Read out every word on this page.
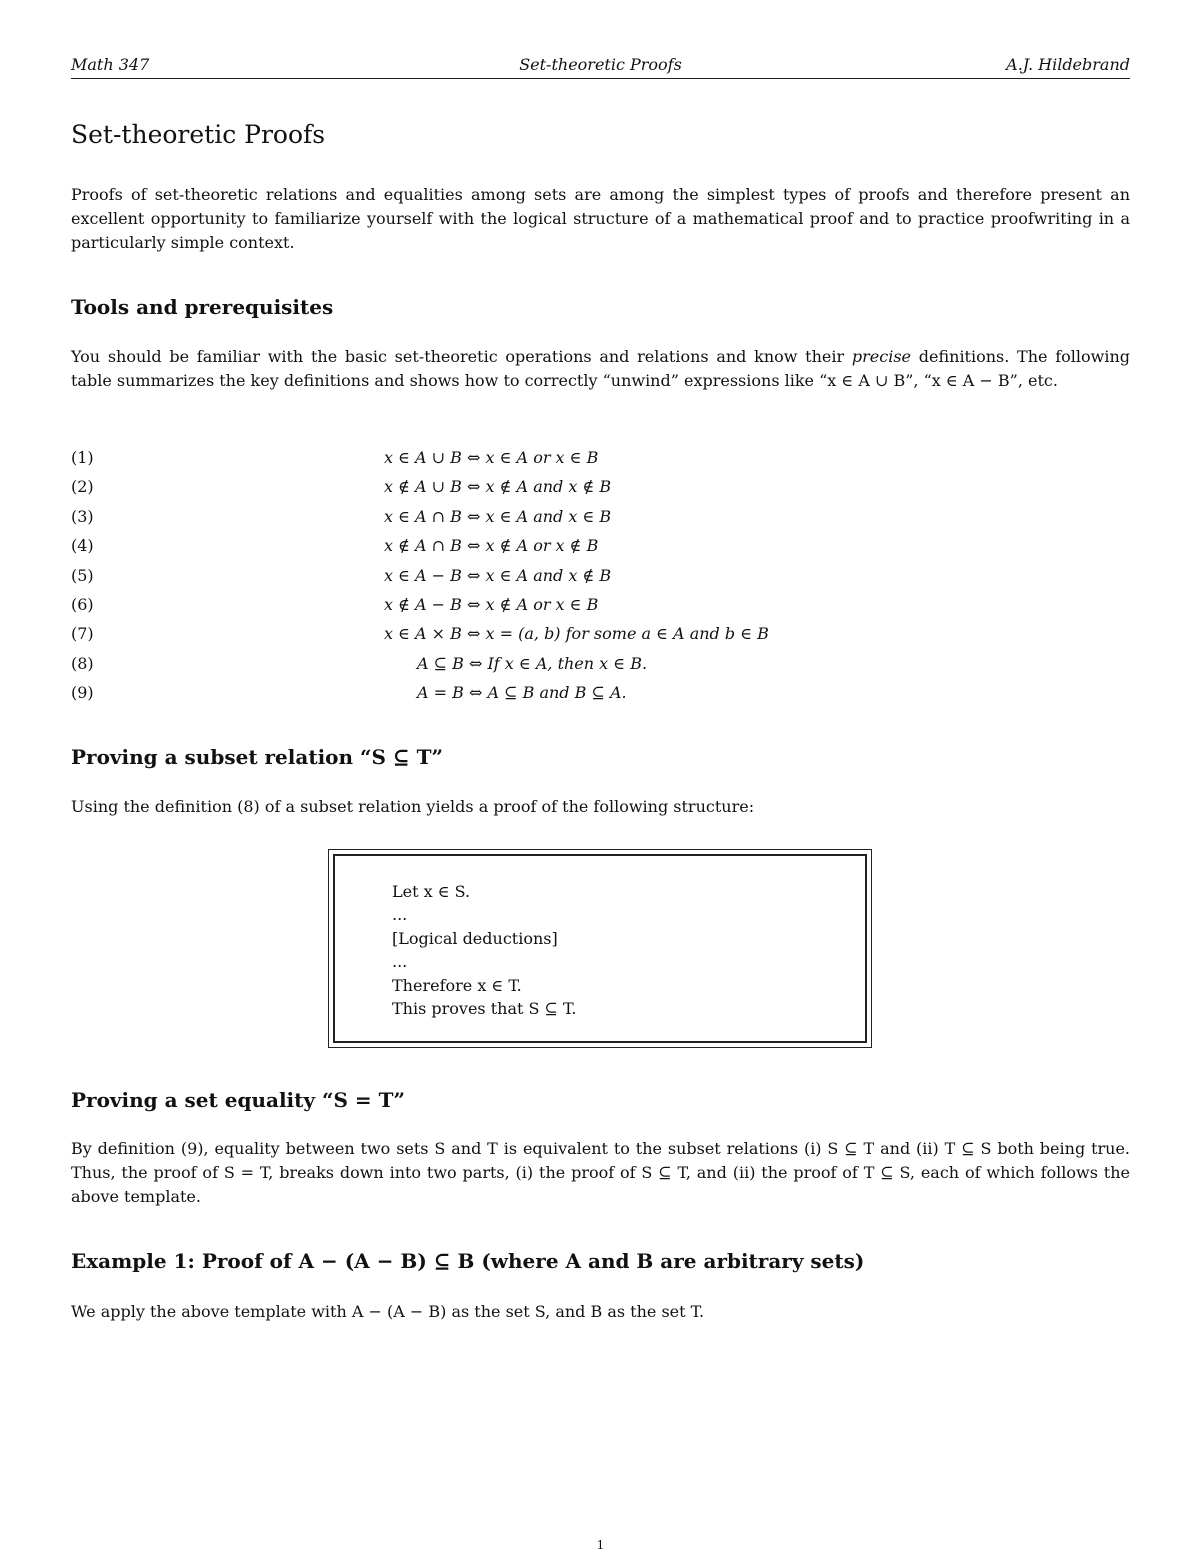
Math 347	Set-theoretic Proofs	A.J. Hildebrand
Set-theoretic Proofs

Proofs of set-theoretic relations and equalities among sets are among the simplest types of proofs and therefore present an excellent opportunity to familiarize yourself with the logical structure of a mathematical proof and to practice proofwriting in a particularly simple context.

Tools and prerequisites

You should be familiar with the basic set-theoretic operations and relations and know their precise definitions. The following table summarizes the key definitions and shows how to correctly “unwind” expressions like “x ∈ A ∪ B”, “x ∈ A − B”, etc.

(1)	x ∈ A ∪ B ⇔ x ∈ A or x ∈ B
(2)	x ∉ A ∪ B ⇔ x ∉ A and x ∉ B
(3)	x ∈ A ∩ B ⇔ x ∈ A and x ∈ B
(4)	x ∉ A ∩ B ⇔ x ∉ A or x ∉ B
(5)	x ∈ A − B ⇔ x ∈ A and x ∉ B
(6)	x ∉ A − B ⇔ x ∉ A or x ∈ B
(7)	x ∈ A × B ⇔ x = (a, b) for some a ∈ A and b ∈ B
(8)	A ⊆ B ⇔ If x ∈ A, then x ∈ B.
(9)	A = B ⇔ A ⊆ B and B ⊆ A.
Proving a subset relation “S ⊆ T”

Using the definition (8) of a subset relation yields a proof of the following structure:

Let x ∈ S.
...
[Logical deductions]
...
Therefore x ∈ T.
This proves that S ⊆ T.
Proving a set equality “S = T”

By definition (9), equality between two sets S and T is equivalent to the subset relations (i) S ⊆ T and (ii) T ⊆ S both being true. Thus, the proof of S = T, breaks down into two parts, (i) the proof of S ⊆ T, and (ii) the proof of T ⊆ S, each of which follows the above template.

Example 1: Proof of A − (A − B) ⊆ B (where A and B are arbitrary sets)

We apply the above template with A − (A − B) as the set S, and B as the set T.

1
